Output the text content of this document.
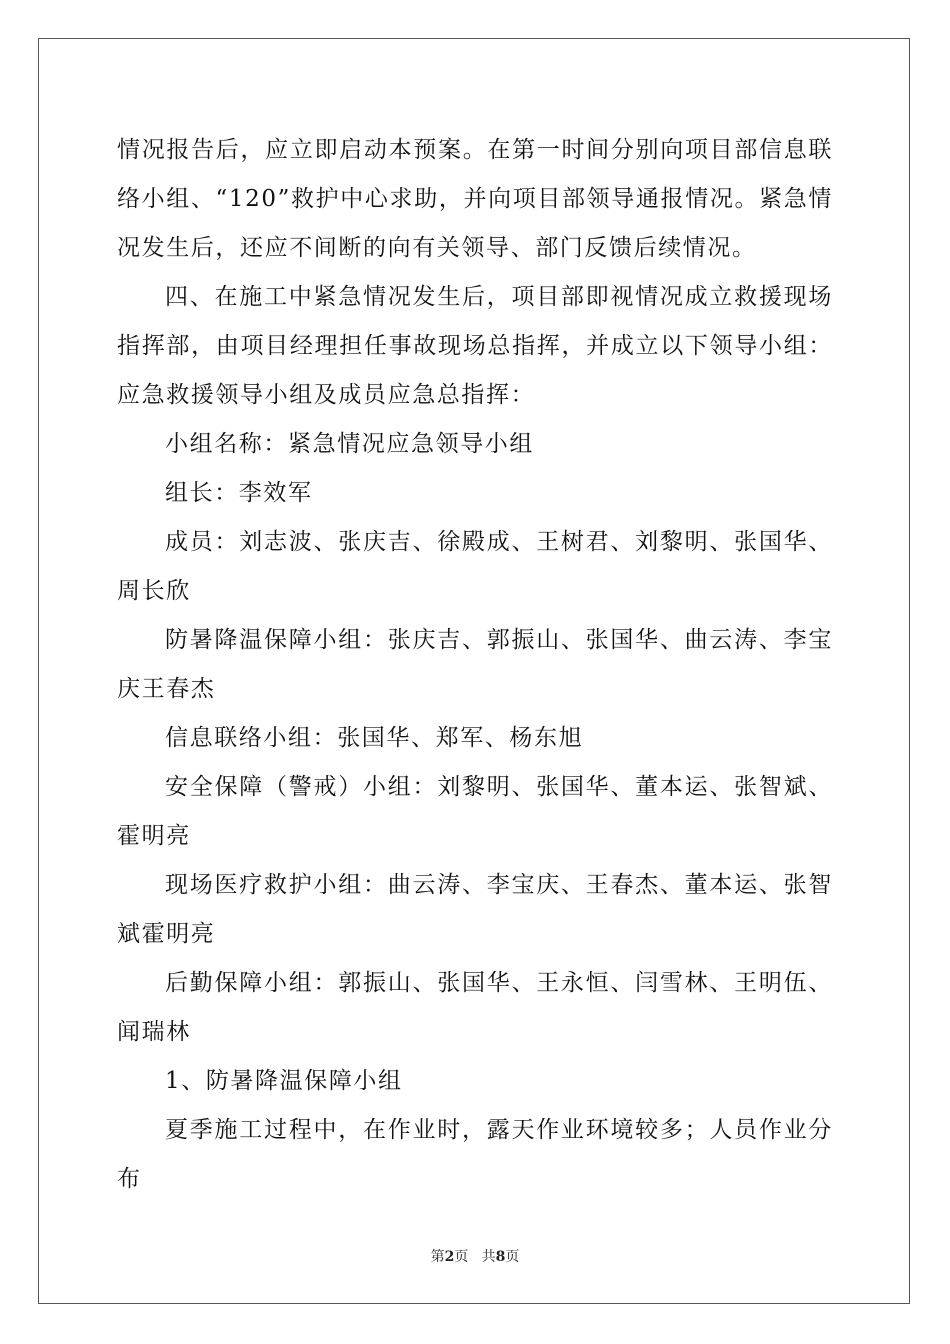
情况报告后，应立即启动本预案。在第一时间分别向项目部信息联络小组、“120”救护中心求助，并向项目部领导通报情况。紧急情况发生后，还应不间断的向有关领导、部门反馈后续情况。

四、在施工中紧急情况发生后，项目部即视情况成立救援现场指挥部，由项目经理担任事故现场总指挥，并成立以下领导小组：应急救援领导小组及成员应急总指挥：

小组名称：紧急情况应急领导小组

组长：李效军

成员：刘志波、张庆吉、徐殿成、王树君、刘黎明、张国华、周长欣

防暑降温保障小组：张庆吉、郭振山、张国华、曲云涛、李宝庆王春杰

信息联络小组：张国华、郑军、杨东旭

安全保障（警戒）小组：刘黎明、张国华、董本运、张智斌、霍明亮

现场医疗救护小组：曲云涛、李宝庆、王春杰、董本运、张智斌霍明亮

后勤保障小组：郭振山、张国华、王永恒、闫雪林、王明伍、闻瑞林

1、防暑降温保障小组

夏季施工过程中，在作业时，露天作业环境较多；人员作业分布

第2页 共8页
